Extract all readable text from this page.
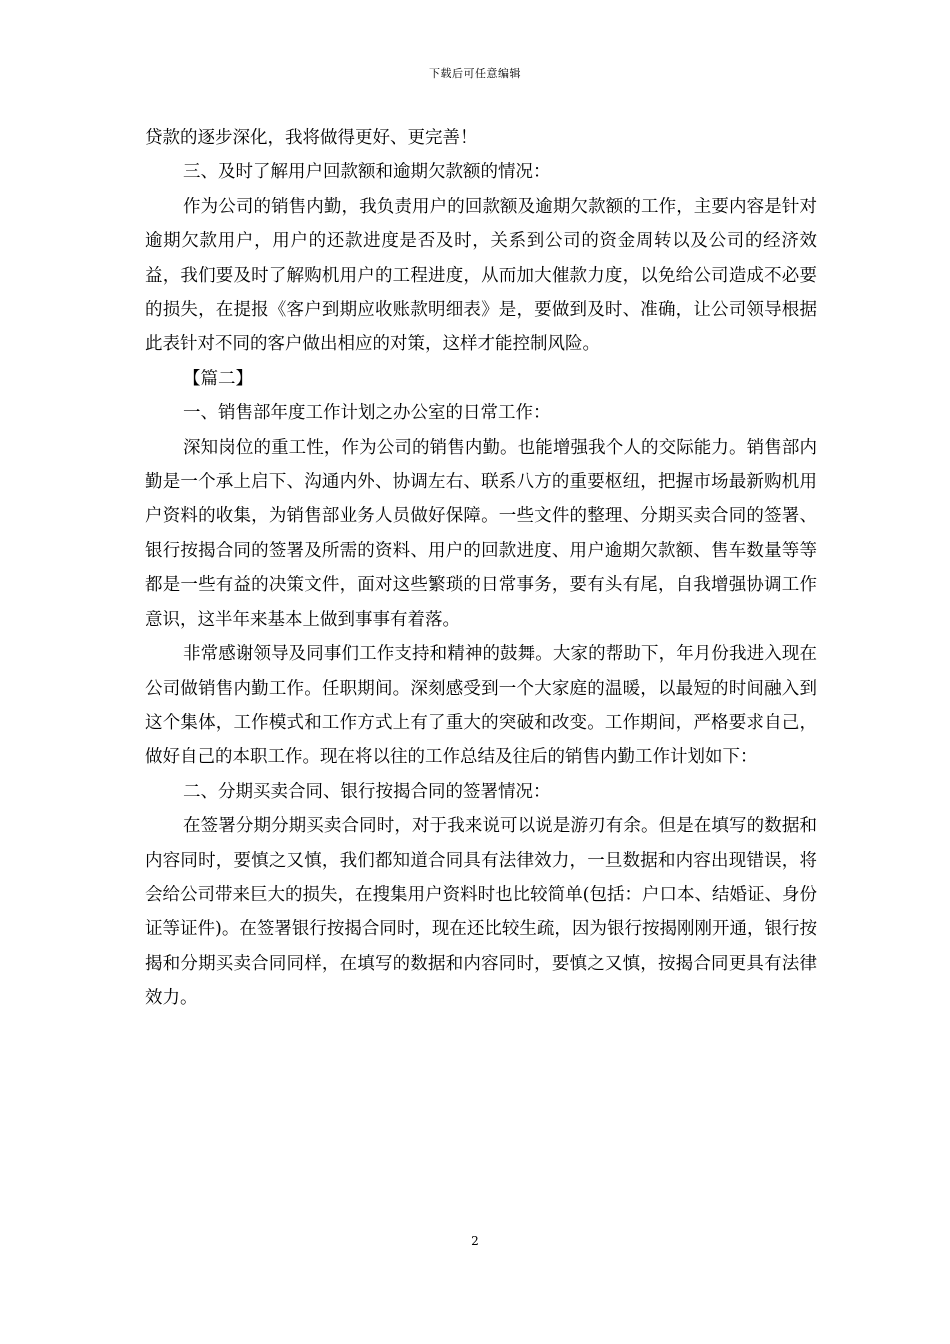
下载后可任意编辑

贷款的逐步深化，我将做得更好、更完善！

三、及时了解用户回款额和逾期欠款额的情况：

作为公司的销售内勤，我负责用户的回款额及逾期欠款额的工作，主要内容是针对逾期欠款用户，用户的还款进度是否及时，关系到公司的资金周转以及公司的经济效益，我们要及时了解购机用户的工程进度，从而加大催款力度，以免给公司造成不必要的损失，在提报《客户到期应收账款明细表》是，要做到及时、准确，让公司领导根据此表针对不同的客户做出相应的对策，这样才能控制风险。

【篇二】

一、销售部年度工作计划之办公室的日常工作：

深知岗位的重工性，作为公司的销售内勤。也能增强我个人的交际能力。销售部内勤是一个承上启下、沟通内外、协调左右、联系八方的重要枢纽，把握市场最新购机用户资料的收集，为销售部业务人员做好保障。一些文件的整理、分期买卖合同的签署、银行按揭合同的签署及所需的资料、用户的回款进度、用户逾期欠款额、售车数量等等都是一些有益的决策文件，面对这些繁琐的日常事务，要有头有尾，自我增强协调工作意识，这半年来基本上做到事事有着落。

非常感谢领导及同事们工作支持和精神的鼓舞。大家的帮助下，年月份我进入现在公司做销售内勤工作。任职期间。深刻感受到一个大家庭的温暖，以最短的时间融入到这个集体，工作模式和工作方式上有了重大的突破和改变。工作期间，严格要求自己，做好自己的本职工作。现在将以往的工作总结及往后的销售内勤工作计划如下：

二、分期买卖合同、银行按揭合同的签署情况：

在签署分期分期买卖合同时，对于我来说可以说是游刃有余。但是在填写的数据和内容同时，要慎之又慎，我们都知道合同具有法律效力，一旦数据和内容出现错误，将会给公司带来巨大的损失，在搜集用户资料时也比较简单(包括：户口本、结婚证、身份证等证件)。在签署银行按揭合同时，现在还比较生疏，因为银行按揭刚刚开通，银行按揭和分期买卖合同同样，在填写的数据和内容同时，要慎之又慎，按揭合同更具有法律效力。

2
